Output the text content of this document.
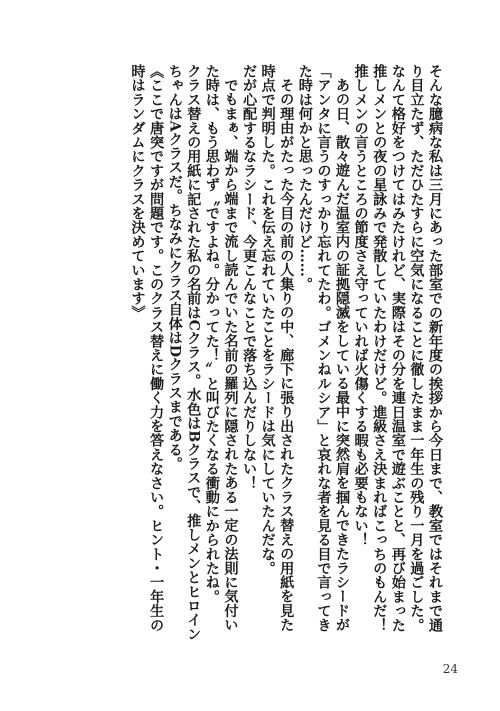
そんな臆病な私は三月にあった部室での新年度の挨拶から今日まで、教室ではそれまで通り目立たず、ただひたすらに空気になることに徹したまま一年生の残り一月を過ごした。

なんて格好をつけてはみたけれど、実際はその分を連日温室で遊ぶことと、再び始まった推しメンとの夜の星詠みで発散していたわけだけど。進級さえ決まればこっちのもんだ！　推しメンの言うところの節度さえ守っていれば火傷くする暇も必要もない！

あの日、散々遊んだ温室内の証拠隠滅をしている最中に突然肩を掴んできたラシードが「アンタに言うのすっかり忘れてたわ。ゴメンねルシア」と哀れな者を見る目で言ってきた時は何かと思ったんだけど……。

その理由がたった今目の前の人集りの中、廊下に張り出されたクラス替えの用紙を見た時点で判明した。これを伝え忘れていたことをラシードは気にしていたんだな。

だが心配するなラシード、今更こんなことで落ち込んだりしない！

でもまぁ、端から端まで流し読んでいた名前の羅列に隠されたある一定の法則に気付いた時は、もう思わず〝ですよね。分かってた！〟と叫びたくなる衝動にかられたね。

クラス替えの用紙に記された私の名前はCクラス。水色はBクラスで、推しメンとヒロインちゃんはAクラスだ。ちなみにクラス自体はDクラスまである。

《ここで唐突ですが問題です。このクラス替えに働く力を答えなさい。ヒント・一年生の時はランダムにクラスを決めています》

24
